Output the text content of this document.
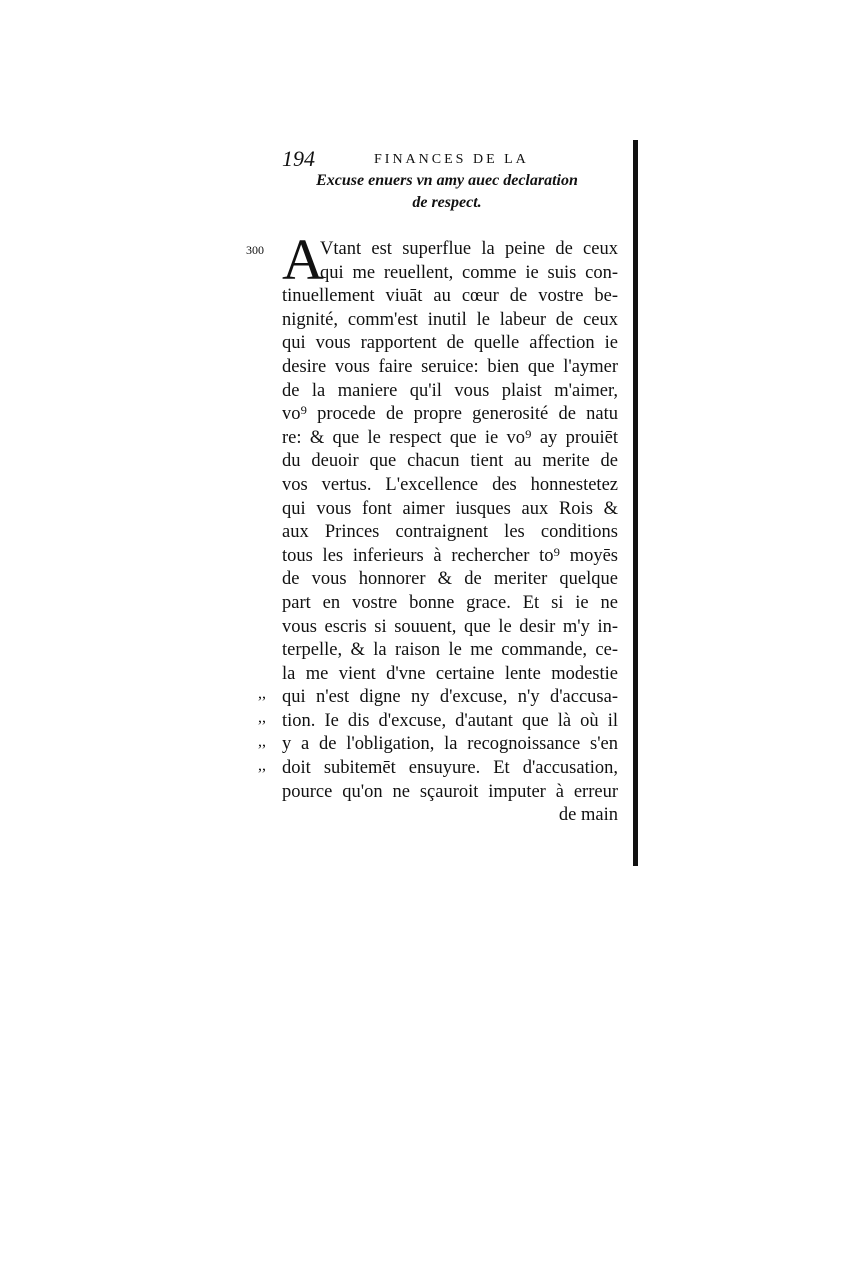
194	FINANCES DE LA
Excuse enuers vn amy auec declaration
de respect.
300 A
Vtant est superflue la peine de ceux
qui me reuellent, comme ie suis con-
tinuellement viuāt au cœur de vostre be-
nignité, comm'est inutil le labeur de ceux
qui vous rapportent de quelle affection ie
desire vous faire seruice: bien que l'aymer
de la maniere qu'il vous plaist m'aimer,
vo⁹ procede de propre generosité de natu
re: & que le respect que ie vo⁹ ay prouiēt
du deuoir que chacun tient au merite de
vos vertus. L'excellence des honnestetez
qui vous font aimer iusques aux Rois &
aux Princes contraignent les conditions
tous les inferieurs à rechercher to⁹ moyēs
de vous honnorer & de meriter quelque
part en vostre bonne grace. Et si ie ne
vous escris si souuent, que le desir m'y in-
terpelle, & la raison le me commande, ce-
la me vient d'vne certaine lente modestie
qui n'est digne ny d'excuse, n'y d'accusa-
tion. Ie dis d'excuse, d'autant que là où il
y a de l'obligation, la recognoissance s'en
doit subitemēt ensuyure. Et d'accusation,
pource qu'on ne sçauroit imputer à erreur
de main
,,
,,
,,
,,
